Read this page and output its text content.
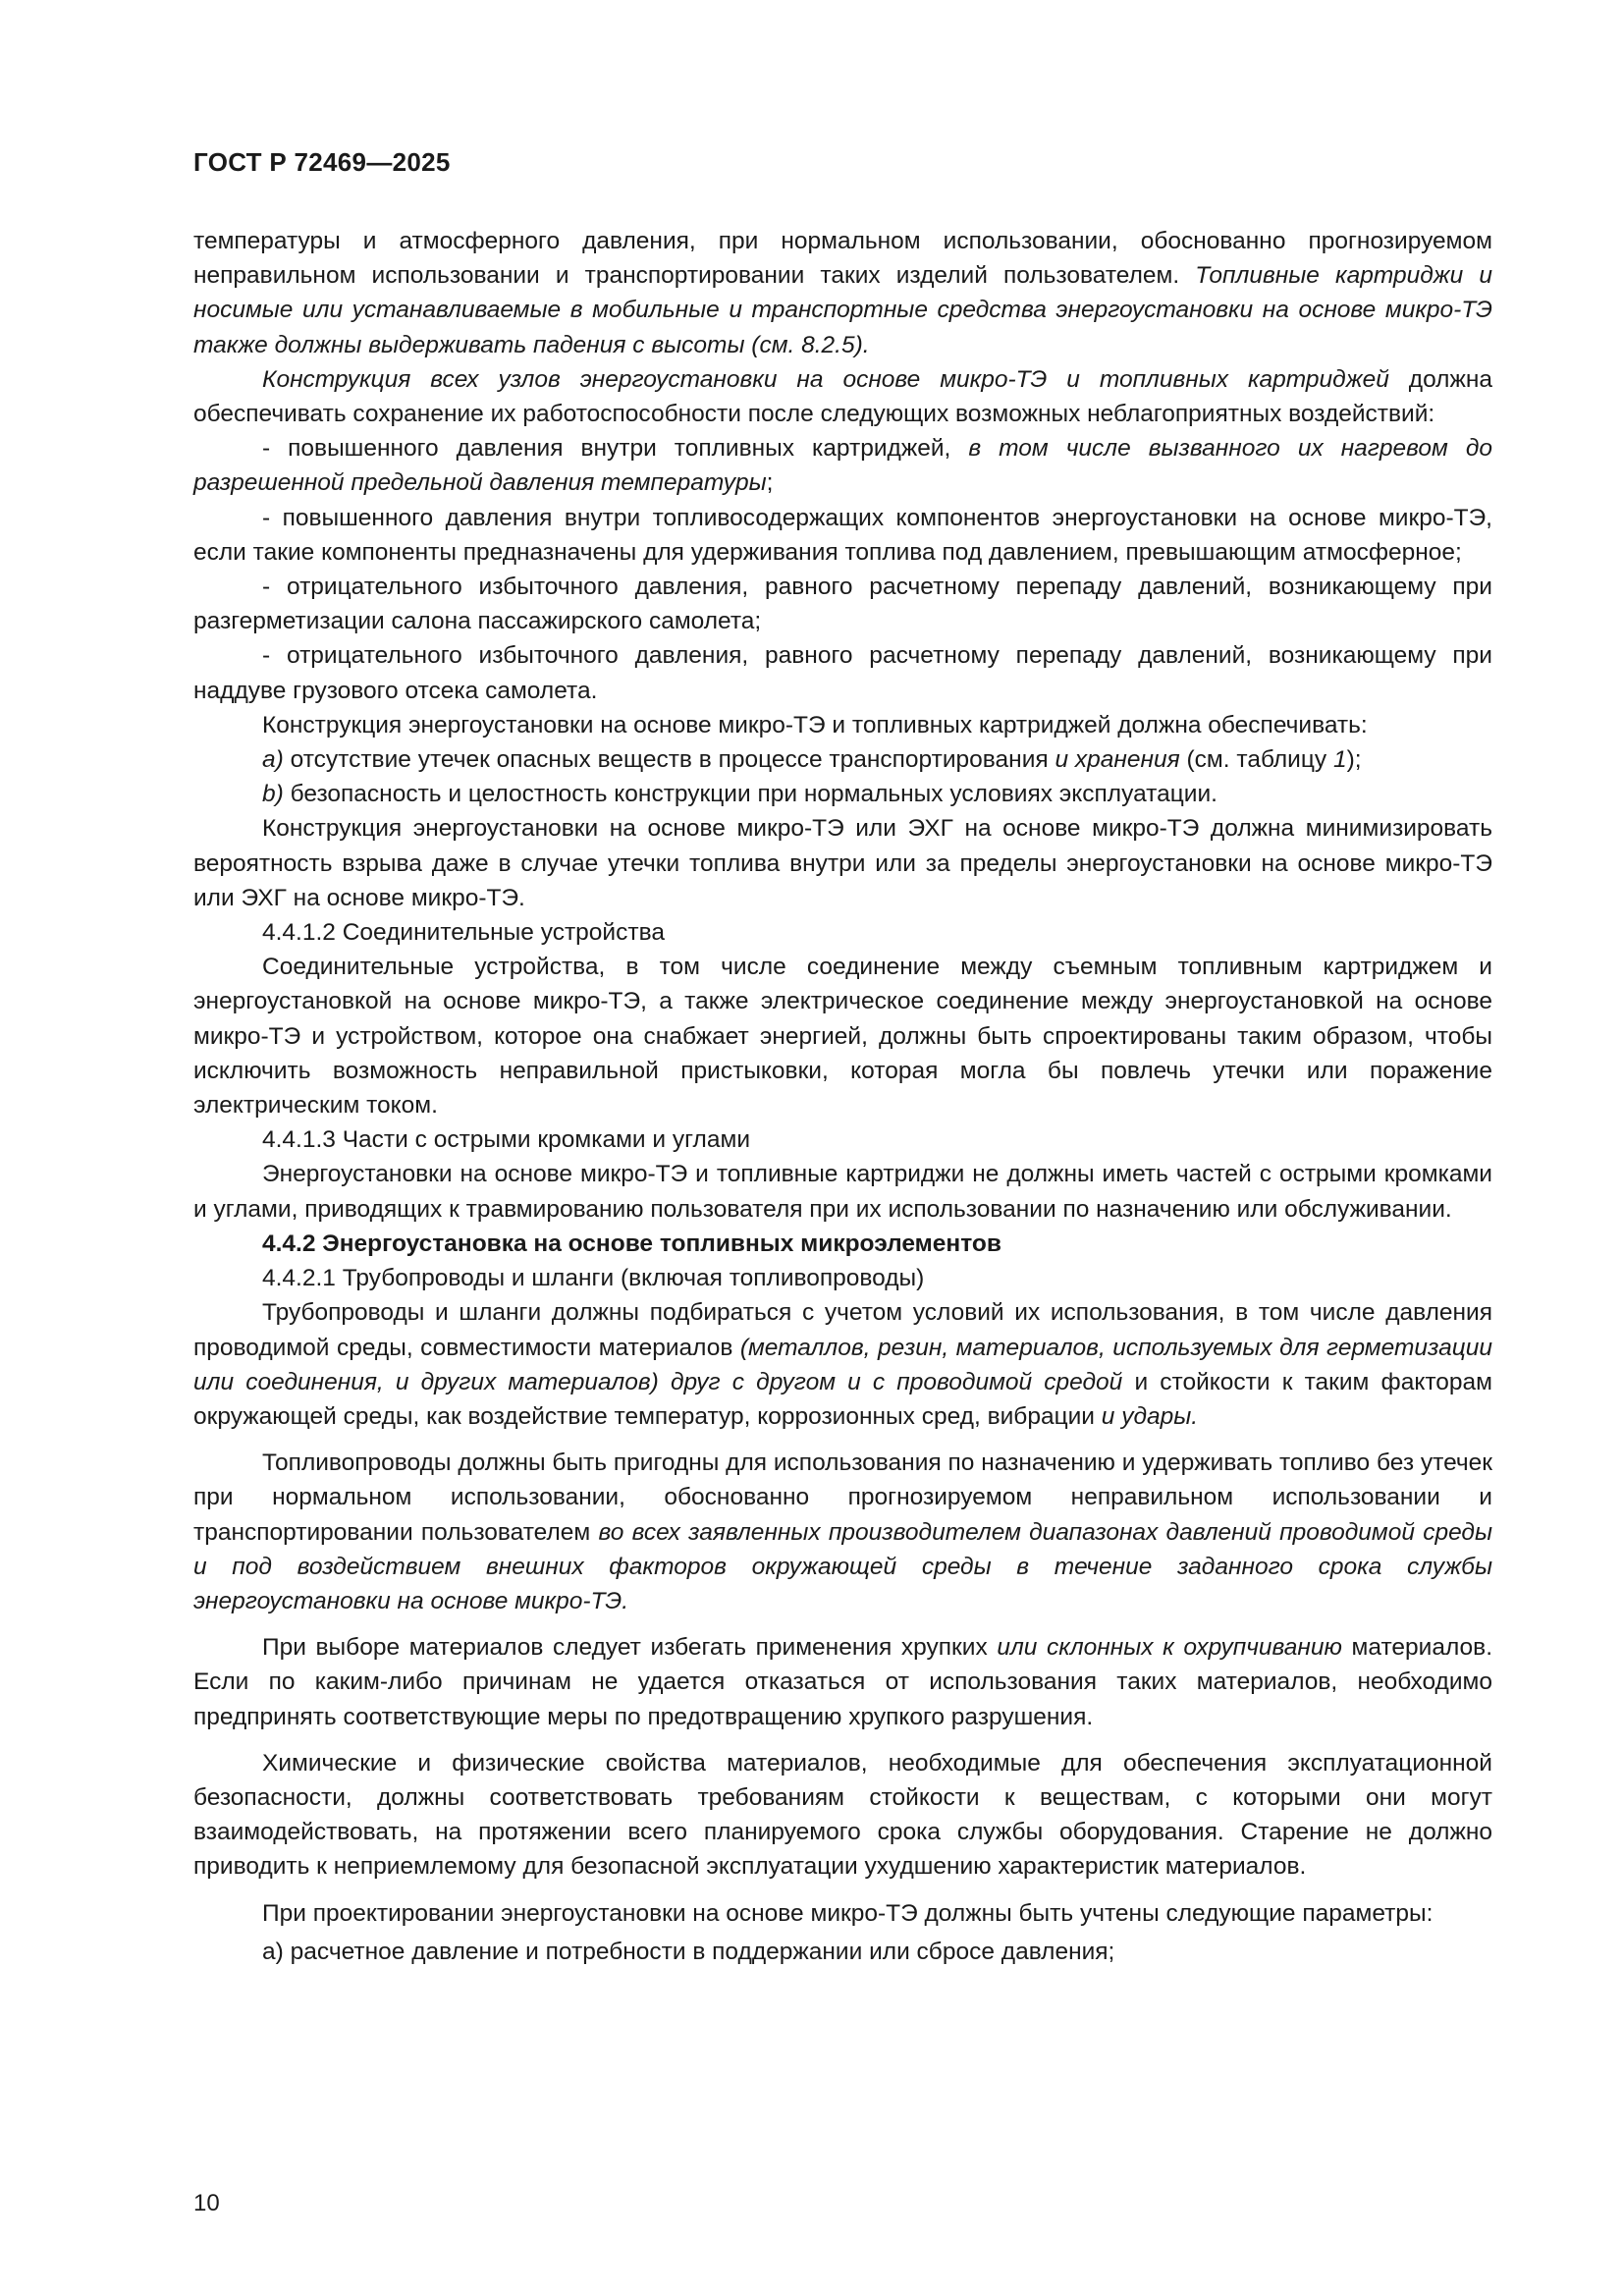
ГОСТ Р 72469—2025

температуры и атмосферного давления, при нормальном использовании, обоснованно прогнозируемом неправильном использовании и транспортировании таких изделий пользователем. Топливные картриджи и носимые или устанавливаемые в мобильные и транспортные средства энергоустановки на основе микро-ТЭ также должны выдерживать падения с высоты (см. 8.2.5).

Конструкция всех узлов энергоустановки на основе микро-ТЭ и топливных картриджей должна обеспечивать сохранение их работоспособности после следующих возможных неблагоприятных воздействий:

- повышенного давления внутри топливных картриджей, в том числе вызванного их нагревом до разрешенной предельной давления температуры;

- повышенного давления внутри топливосодержащих компонентов энергоустановки на основе микро-ТЭ, если такие компоненты предназначены для удерживания топлива под давлением, превышающим атмосферное;

- отрицательного избыточного давления, равного расчетному перепаду давлений, возникающему при разгерметизации салона пассажирского самолета;

- отрицательного избыточного давления, равного расчетному перепаду давлений, возникающему при наддуве грузового отсека самолета.

Конструкция энергоустановки на основе микро-ТЭ и топливных картриджей должна обеспечивать:

a) отсутствие утечек опасных веществ в процессе транспортирования и хранения (см. таблицу 1);

b) безопасность и целостность конструкции при нормальных условиях эксплуатации.

Конструкция энергоустановки на основе микро-ТЭ или ЭХГ на основе микро-ТЭ должна минимизировать вероятность взрыва даже в случае утечки топлива внутри или за пределы энергоустановки на основе микро-ТЭ или ЭХГ на основе микро-ТЭ.

4.4.1.2 Соединительные устройства

Соединительные устройства, в том числе соединение между съемным топливным картриджем и энергоустановкой на основе микро-ТЭ, а также электрическое соединение между энергоустановкой на основе микро-ТЭ и устройством, которое она снабжает энергией, должны быть спроектированы таким образом, чтобы исключить возможность неправильной пристыковки, которая могла бы повлечь утечки или поражение электрическим током.

4.4.1.3 Части с острыми кромками и углами

Энергоустановки на основе микро-ТЭ и топливные картриджи не должны иметь частей с острыми кромками и углами, приводящих к травмированию пользователя при их использовании по назначению или обслуживании.

4.4.2 Энергоустановка на основе топливных микроэлементов

4.4.2.1 Трубопроводы и шланги (включая топливопроводы)

Трубопроводы и шланги должны подбираться с учетом условий их использования, в том числе давления проводимой среды, совместимости материалов (металлов, резин, материалов, используемых для герметизации или соединения, и других материалов) друг с другом и с проводимой средой и стойкости к таким факторам окружающей среды, как воздействие температур, коррозионных сред, вибрации и удары.

Топливопроводы должны быть пригодны для использования по назначению и удерживать топливо без утечек при нормальном использовании, обоснованно прогнозируемом неправильном использовании и транспортировании пользователем во всех заявленных производителем диапазонах давлений проводимой среды и под воздействием внешних факторов окружающей среды в течение заданного срока службы энергоустановки на основе микро-ТЭ.

При выборе материалов следует избегать применения хрупких или склонных к охрупчиванию материалов. Если по каким-либо причинам не удается отказаться от использования таких материалов, необходимо предпринять соответствующие меры по предотвращению хрупкого разрушения.

Химические и физические свойства материалов, необходимые для обеспечения эксплуатационной безопасности, должны соответствовать требованиям стойкости к веществам, с которыми они могут взаимодействовать, на протяжении всего планируемого срока службы оборудования. Старение не должно приводить к неприемлемому для безопасной эксплуатации ухудшению характеристик материалов.

При проектировании энергоустановки на основе микро-ТЭ должны быть учтены следующие параметры:

а) расчетное давление и потребности в поддержании или сбросе давления;

10
